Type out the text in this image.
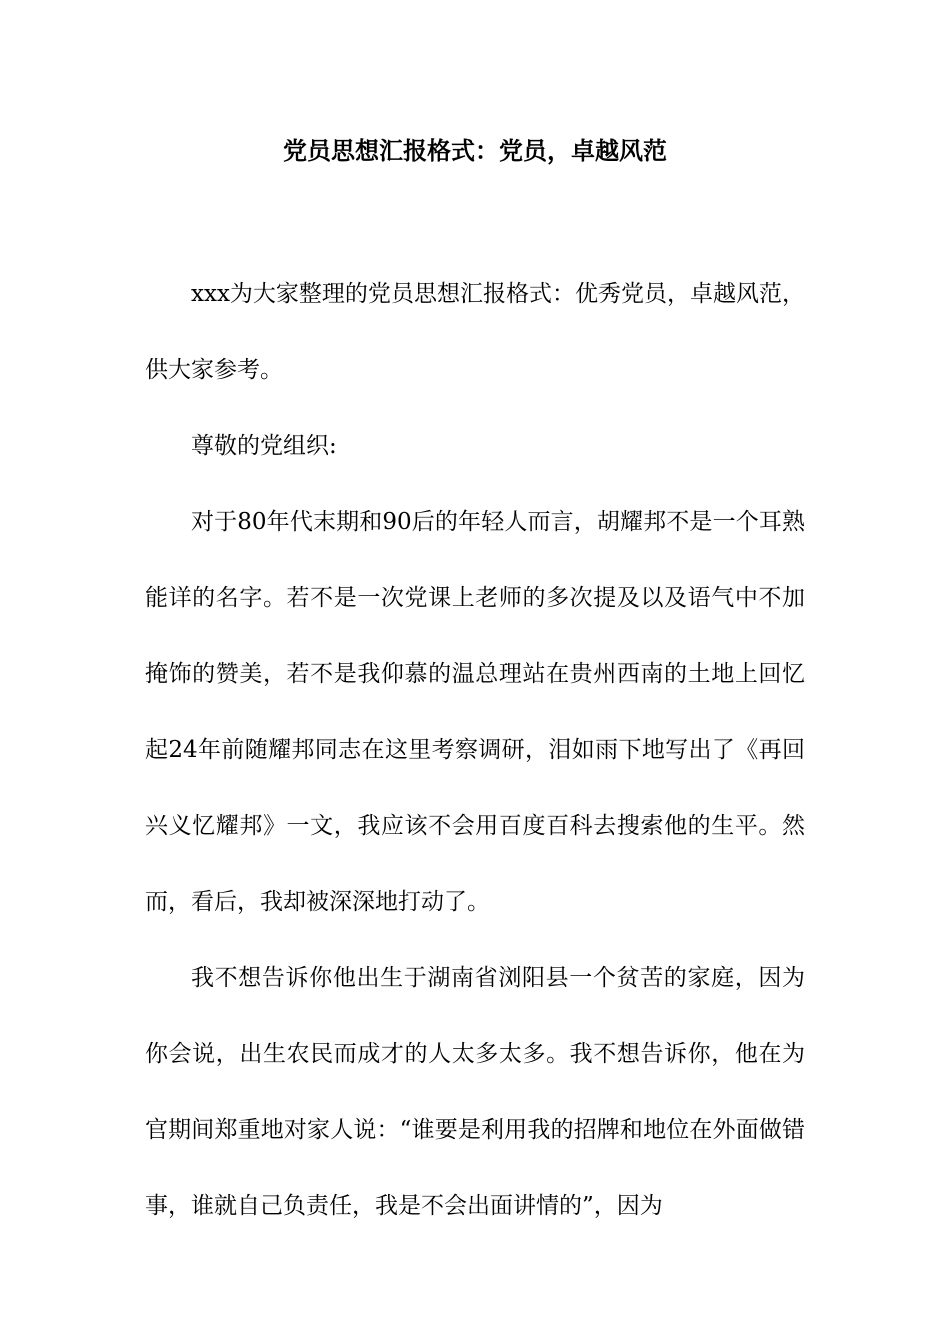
党员思想汇报格式：党员，卓越风范

xxx为大家整理的党员思想汇报格式：优秀党员，卓越风范，供大家参考。

尊敬的党组织:

对于80年代末期和90后的年轻人而言，胡耀邦不是一个耳熟能详的名字。若不是一次党课上老师的多次提及以及语气中不加掩饰的赞美，若不是我仰慕的温总理站在贵州西南的土地上回忆起24年前随耀邦同志在这里考察调研，泪如雨下地写出了《再回兴义忆耀邦》一文，我应该不会用百度百科去搜索他的生平。然而，看后，我却被深深地打动了。

我不想告诉你他出生于湖南省浏阳县一个贫苦的家庭，因为你会说，出生农民而成才的人太多太多。我不想告诉你，他在为官期间郑重地对家人说：“谁要是利用我的招牌和地位在外面做错事，谁就自己负责任，我是不会出面讲情的”，因为
